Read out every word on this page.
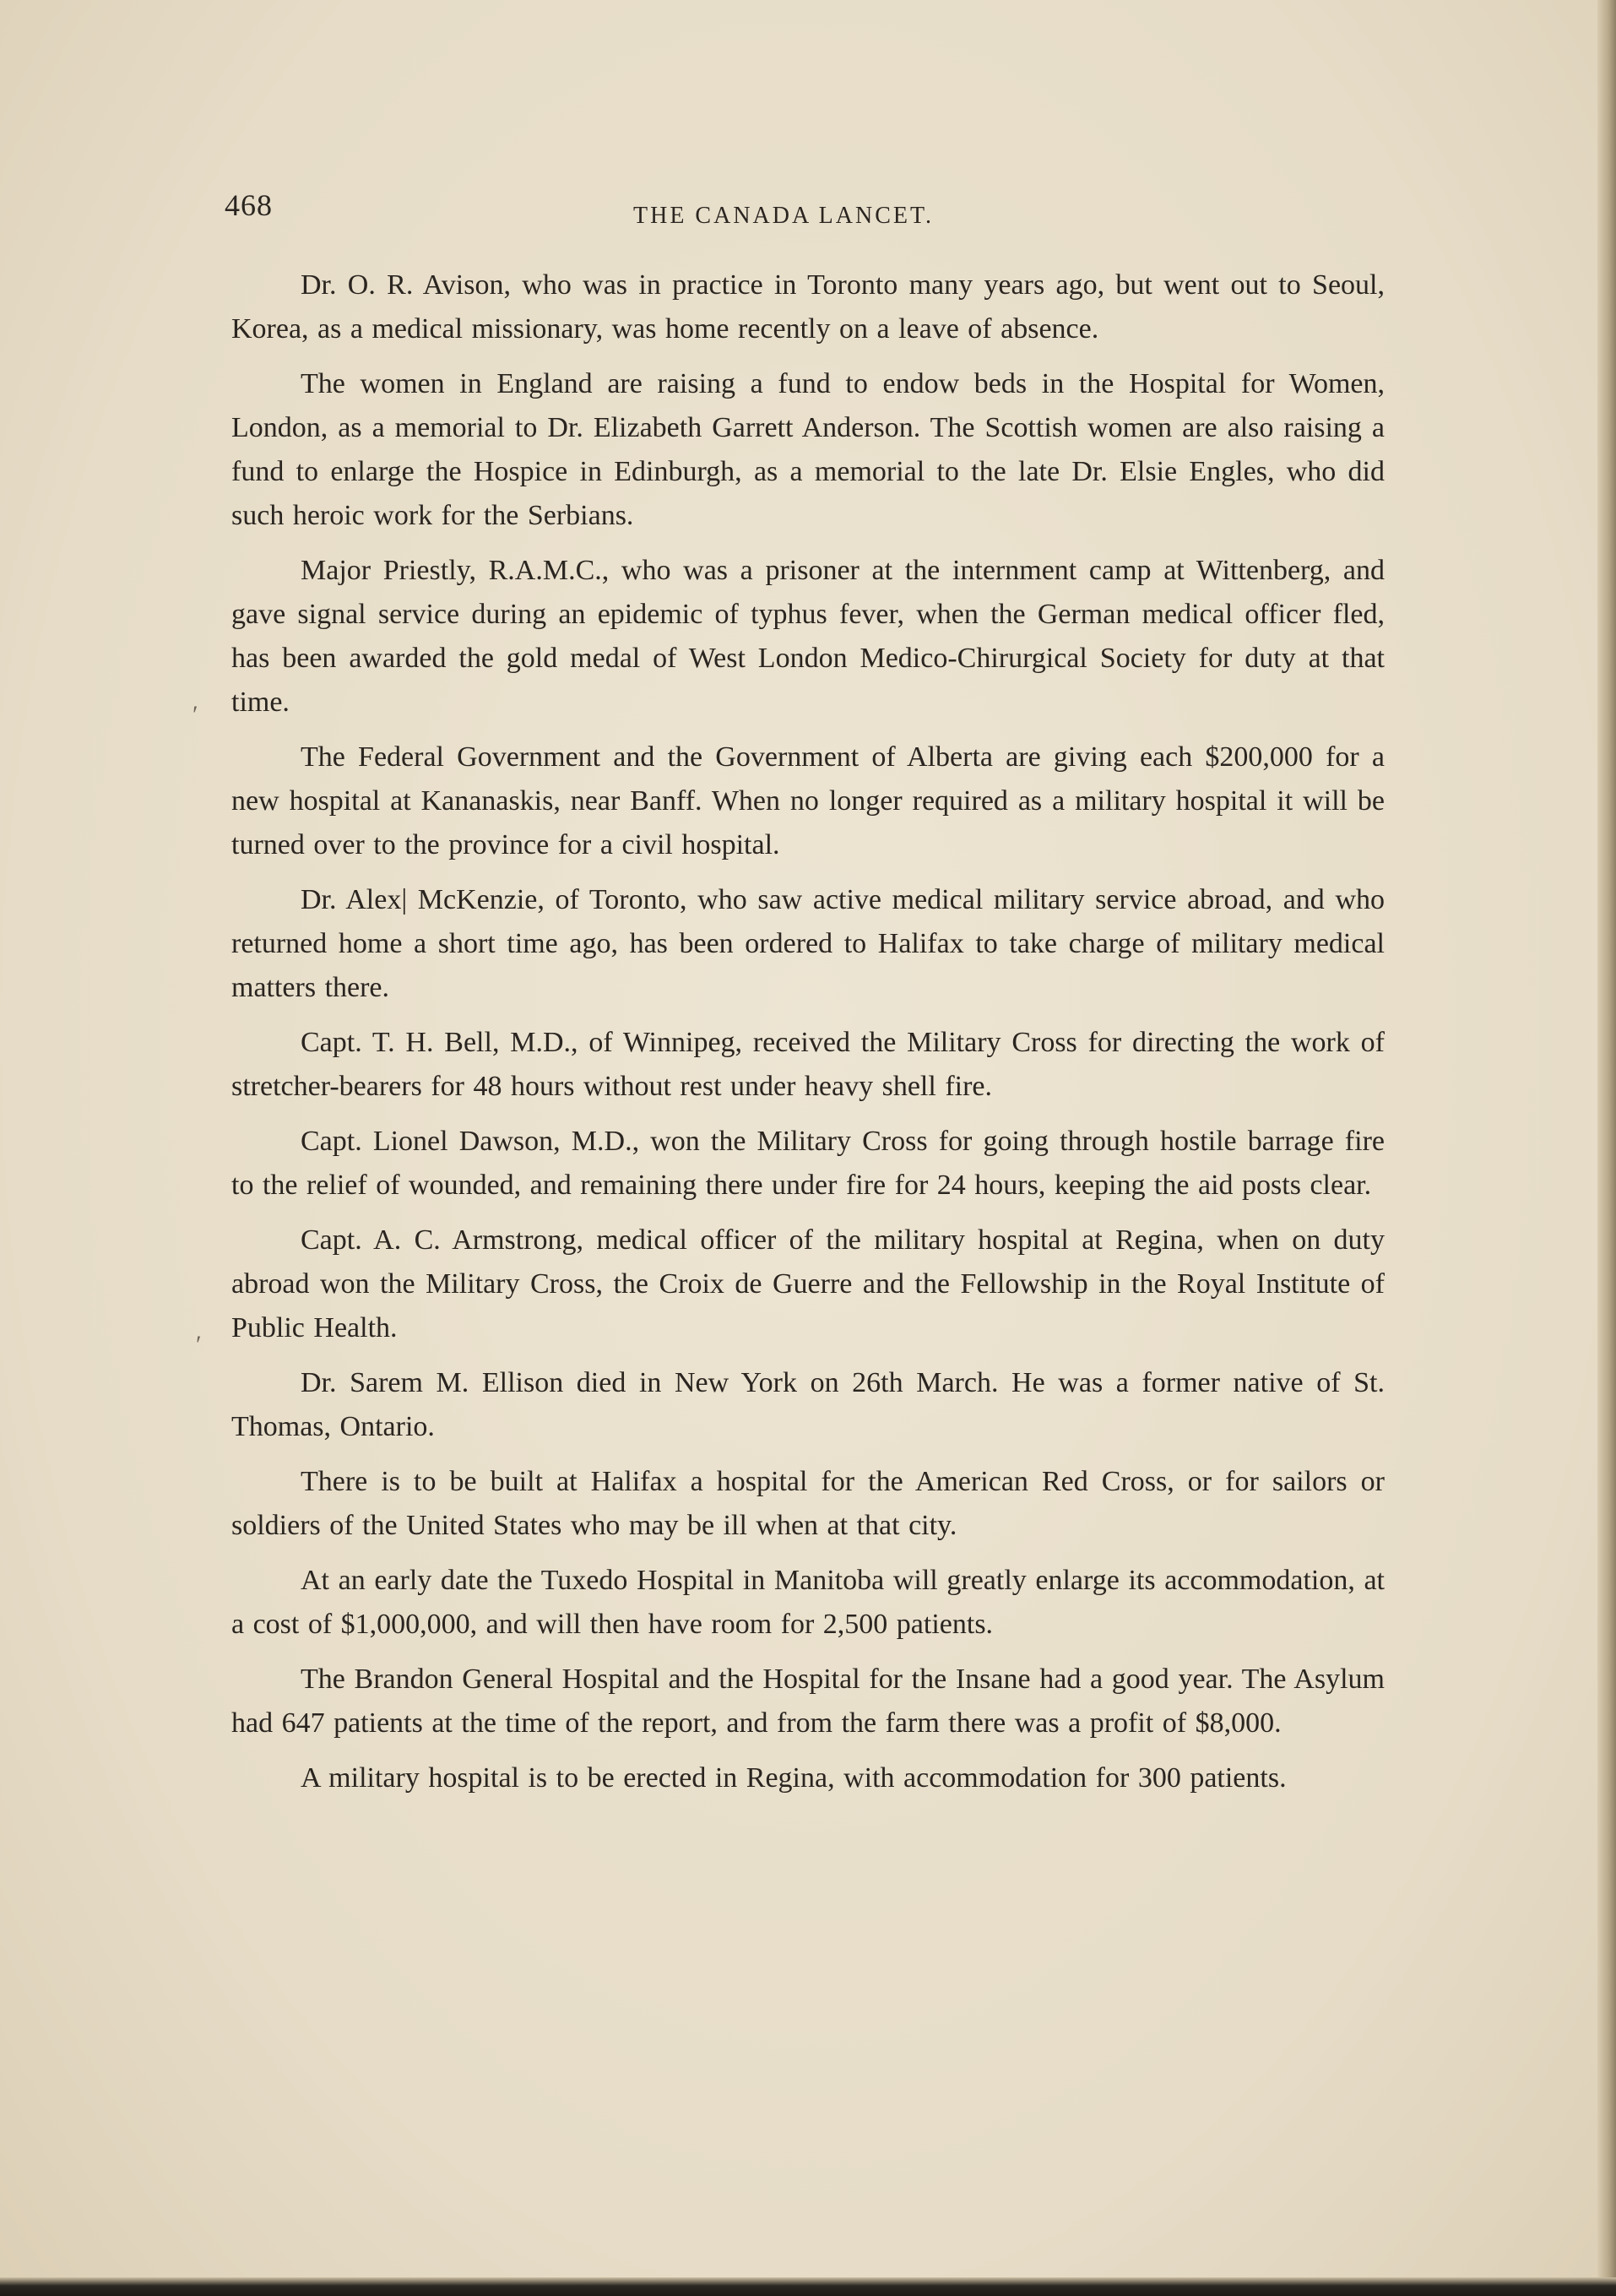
468	THE CANADA LANCET.
′
′

Dr. O. R. Avison, who was in practice in Toronto many years ago, but went out to Seoul, Korea, as a medical missionary, was home recently on a leave of absence.

The women in England are raising a fund to endow beds in the Hospital for Women, London, as a memorial to Dr. Elizabeth Garrett Anderson. The Scottish women are also raising a fund to enlarge the Hospice in Edinburgh, as a memorial to the late Dr. Elsie Engles, who did such heroic work for the Serbians.

Major Priestly, R.A.M.C., who was a prisoner at the internment camp at Wittenberg, and gave signal service during an epidemic of typhus fever, when the German medical officer fled, has been awarded the gold medal of West London Medico-Chirurgical Society for duty at that time.

The Federal Government and the Government of Alberta are giving each $200,000 for a new hospital at Kananaskis, near Banff. When no longer required as a military hospital it will be turned over to the province for a civil hospital.

Dr. Alex| McKenzie, of Toronto, who saw active medical military service abroad, and who returned home a short time ago, has been ordered to Halifax to take charge of military medical matters there.

Capt. T. H. Bell, M.D., of Winnipeg, received the Military Cross for directing the work of stretcher-bearers for 48 hours without rest under heavy shell fire.

Capt. Lionel Dawson, M.D., won the Military Cross for going through hostile barrage fire to the relief of wounded, and remaining there under fire for 24 hours, keeping the aid posts clear.

Capt. A. C. Armstrong, medical officer of the military hospital at Regina, when on duty abroad won the Military Cross, the Croix de Guerre and the Fellowship in the Royal Institute of Public Health.

Dr. Sarem M. Ellison died in New York on 26th March. He was a former native of St. Thomas, Ontario.

There is to be built at Halifax a hospital for the American Red Cross, or for sailors or soldiers of the United States who may be ill when at that city.

At an early date the Tuxedo Hospital in Manitoba will greatly enlarge its accommodation, at a cost of $1,000,000, and will then have room for 2,500 patients.

The Brandon General Hospital and the Hospital for the Insane had a good year. The Asylum had 647 patients at the time of the report, and from the farm there was a profit of $8,000.

A military hospital is to be erected in Regina, with accommodation for 300 patients.
